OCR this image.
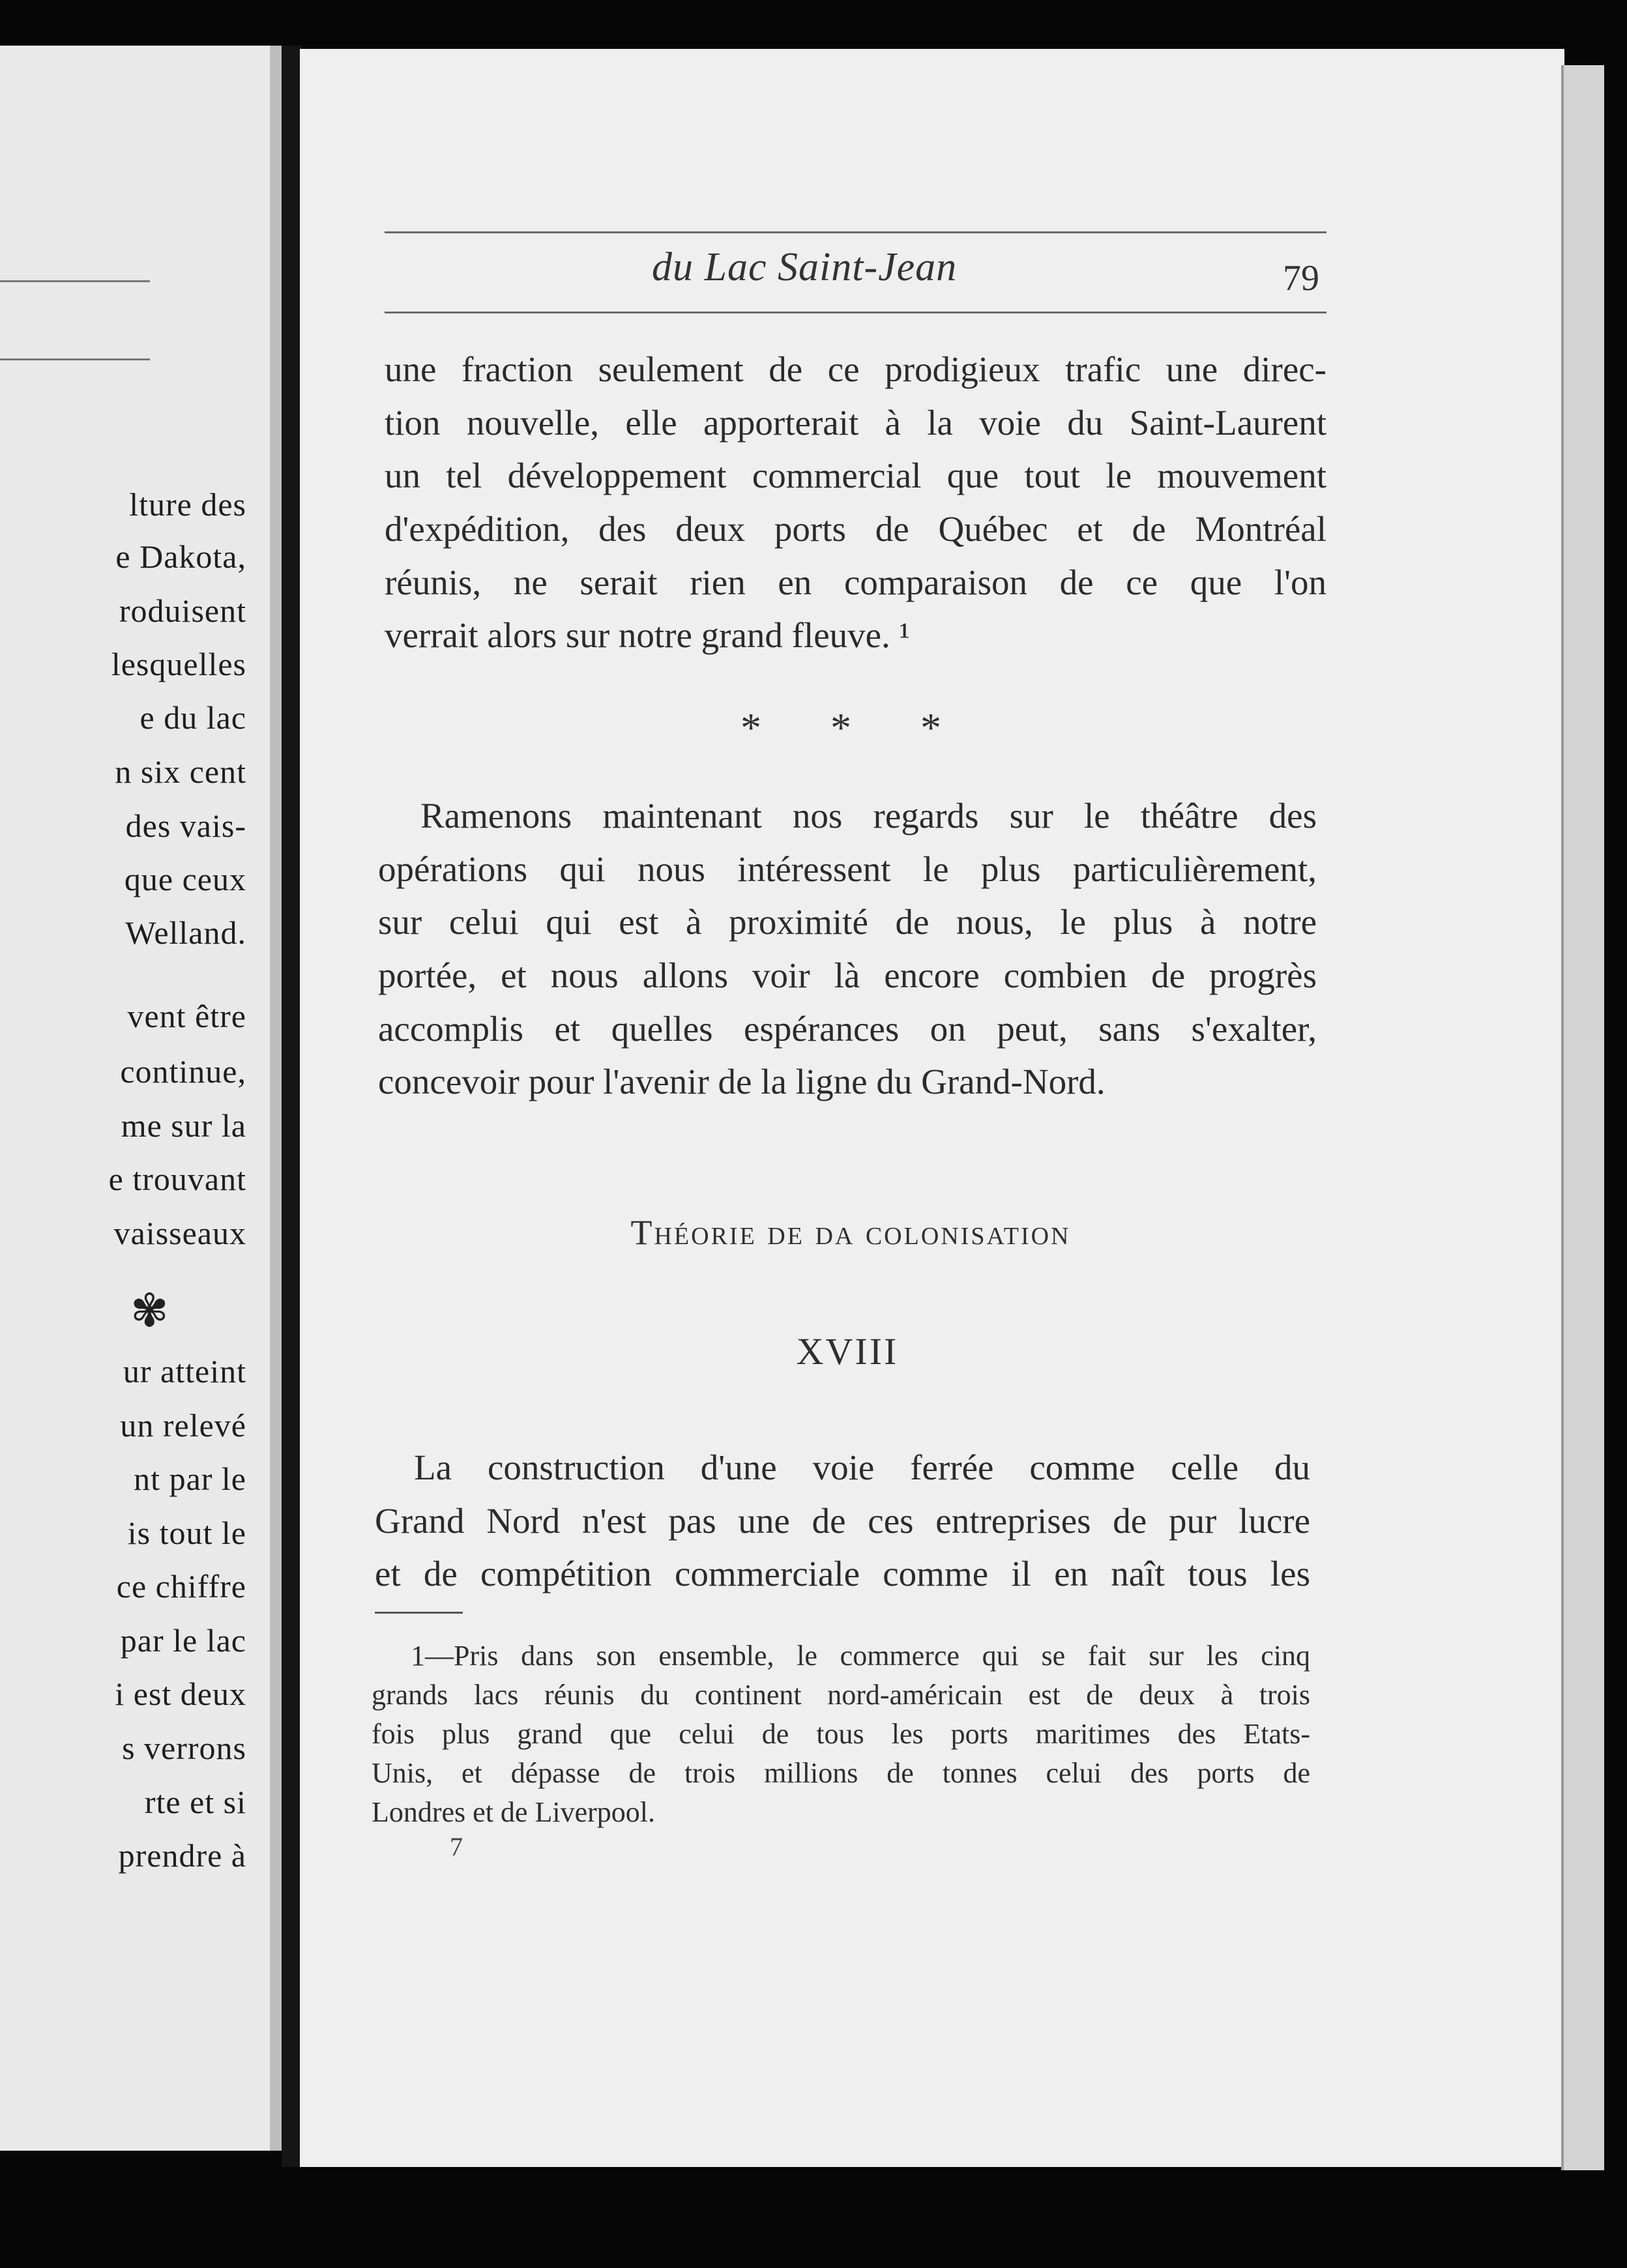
lture des
e Dakota,
roduisent
lesquelles
e du lac
n six cent
des vais-
que ceux
Welland.
vent être
continue,
me sur la
e trouvant
vaisseaux
ur atteint
un relevé
nt par le
is tout le
ce chiffre
par le lac
i est deux
s verrons
rte et si
prendre à
✾
du Lac Saint-Jean	79
une fraction seulement de ce prodigieux trafic une direc-
tion nouvelle, elle apporterait à la voie du Saint-Laurent
un tel développement commercial que tout le mouvement
d'expédition, des deux ports de Québec et de Montréal
réunis, ne serait rien en comparaison de ce que l'on
verrait alors sur notre grand fleuve. ¹
* * *
Ramenons maintenant nos regards sur le théâtre des
opérations qui nous intéressent le plus particulièrement,
sur celui qui est à proximité de nous, le plus à notre
portée, et nous allons voir là encore combien de progrès
accomplis et quelles espérances on peut, sans s'exalter,
concevoir pour l'avenir de la ligne du Grand-Nord.
Théorie de da colonisation
XVIII
La construction d'une voie ferrée comme celle du
Grand Nord n'est pas une de ces entreprises de pur lucre
et de compétition commerciale comme il en naît tous les
1—Pris dans son ensemble, le commerce qui se fait sur les cinq
grands lacs réunis du continent nord-américain est de deux à trois
fois plus grand que celui de tous les ports maritimes des Etats-
Unis, et dépasse de trois millions de tonnes celui des ports de
Londres et de Liverpool.
7
